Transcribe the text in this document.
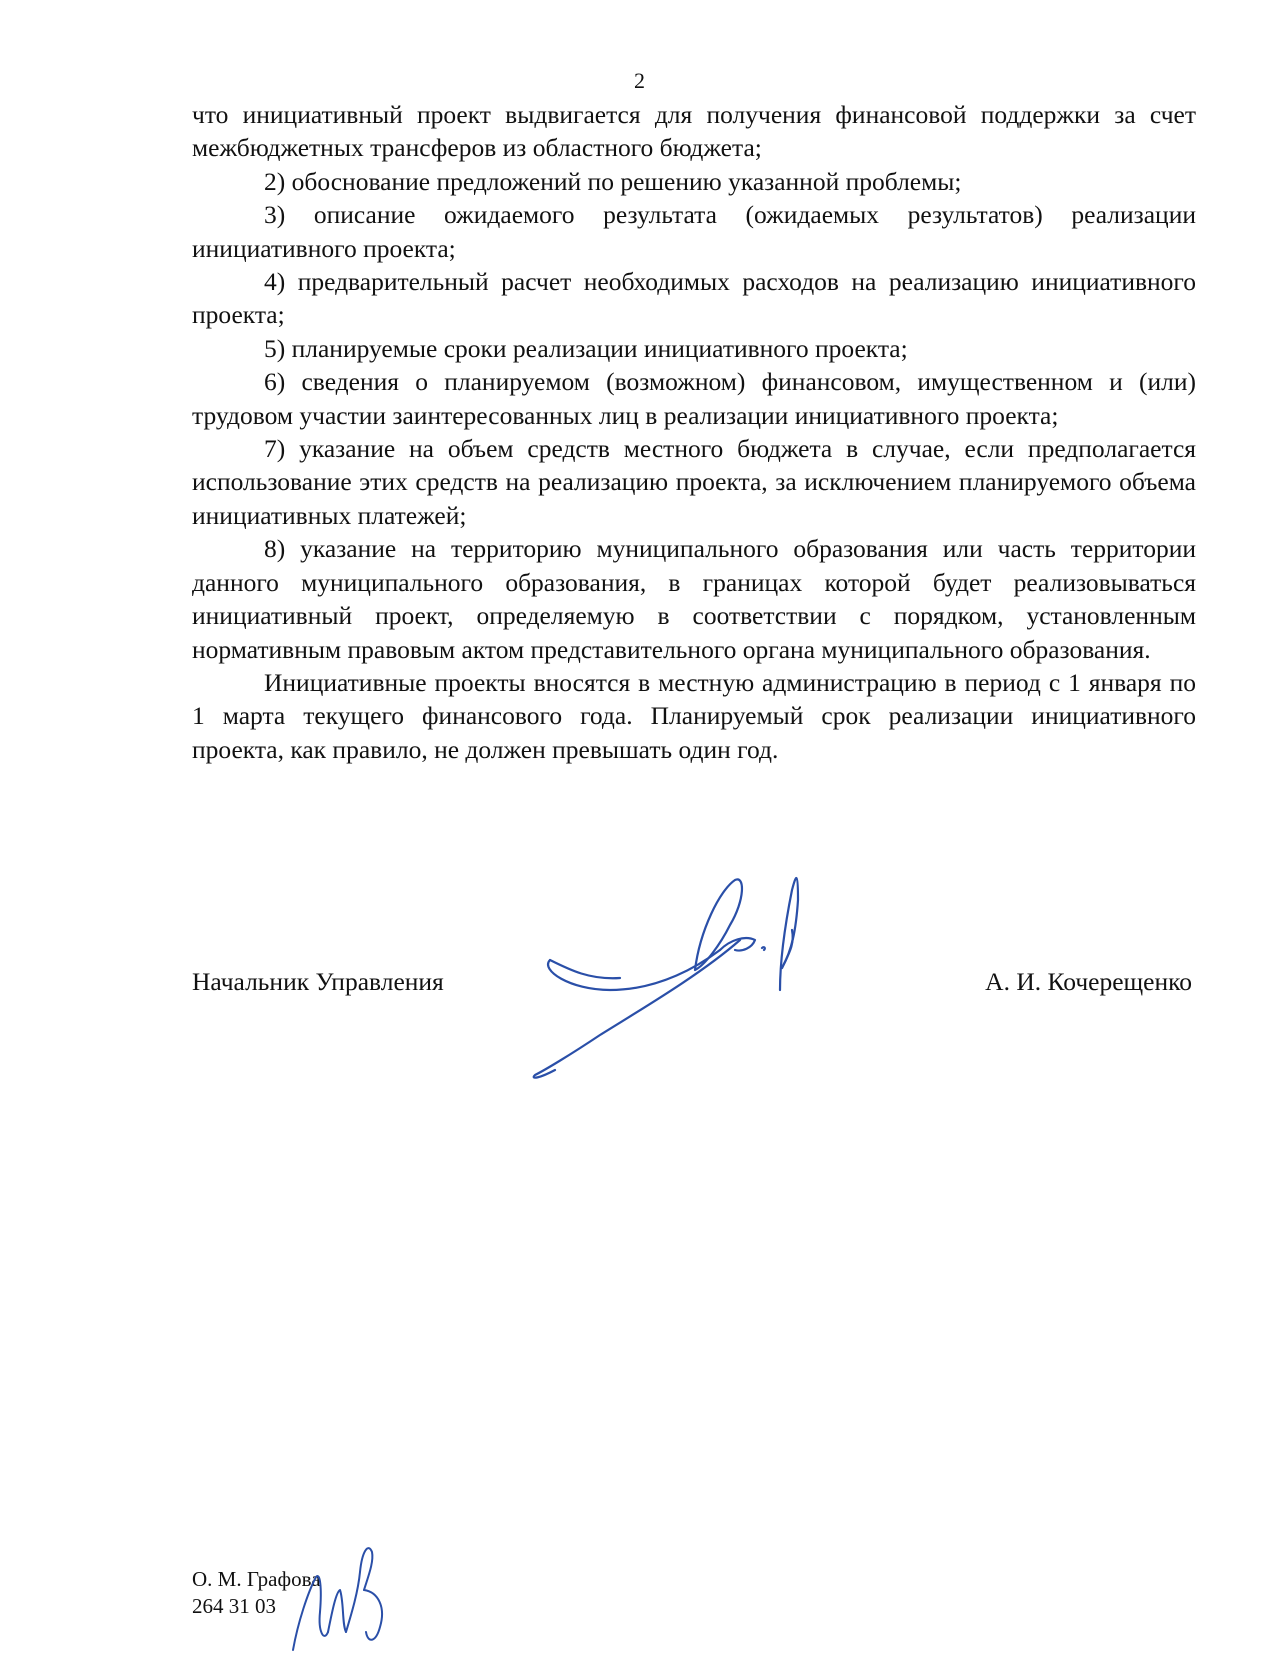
2

что инициативный проект выдвигается для получения финансовой поддержки за счет межбюджетных трансферов из областного бюджета;

2) обоснование предложений по решению указанной проблемы;

3) описание ожидаемого результата (ожидаемых результатов) реализации инициативного проекта;

4) предварительный расчет необходимых расходов на реализацию инициативного проекта;

5) планируемые сроки реализации инициативного проекта;

6) сведения о планируемом (возможном) финансовом, имущественном и (или) трудовом участии заинтересованных лиц в реализации инициативного проекта;

7) указание на объем средств местного бюджета в случае, если предполагается использование этих средств на реализацию проекта, за исключением планируемого объема инициативных платежей;

8) указание на территорию муниципального образования или часть территории данного муниципального образования, в границах которой будет реализовываться инициативный проект, определяемую в соответствии с порядком, установленным нормативным правовым актом представительного органа муниципального образования.

Инициативные проекты вносятся в местную администрацию в период с 1 января по 1 марта текущего финансового года. Планируемый срок реализации инициативного проекта, как правило, не должен превышать один год.

Начальник Управления	А. И. Кочерещенко
О. М. Графова
264 31 03
